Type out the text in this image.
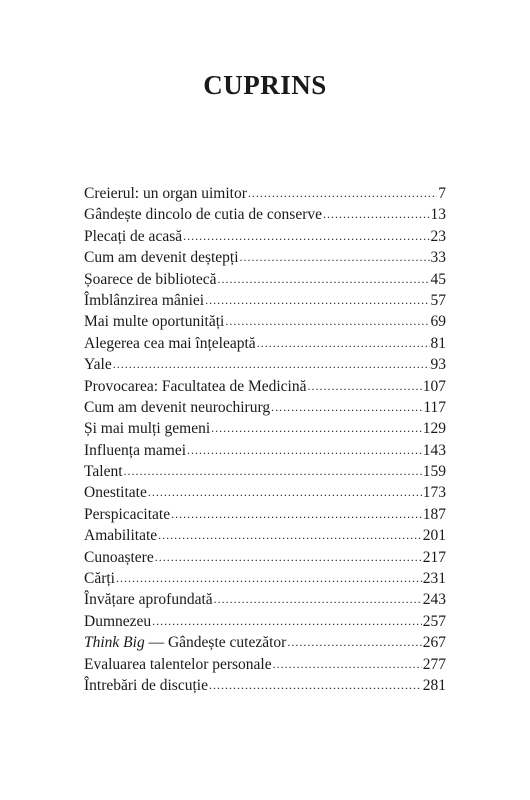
CUPRINS
Creierul: un organ uimitor .....	7
Gândește dincolo de cutia de conserve .....	13
Plecați de acasă .....	23
Cum am devenit deștepți .....	33
Șoarece de bibliotecă .....	45
Îmblânzirea mâniei .....	57
Mai multe oportunități .....	69
Alegerea cea mai înțeleaptă .....	81
Yale .....	93
Provocarea: Facultatea de Medicină .....	107
Cum am devenit neurochirurg .....	117
Și mai mulți gemeni .....	129
Influența mamei .....	143
Talent .....	159
Onestitate .....	173
Perspicacitate .....	187
Amabilitate .....	201
Cunoaștere .....	217
Cărți .....	231
Învățare aprofundată .....	243
Dumnezeu .....	257
Think Big — Gândește cutezător .....	267
Evaluarea talentelor personale .....	277
Întrebări de discuție .....	281
